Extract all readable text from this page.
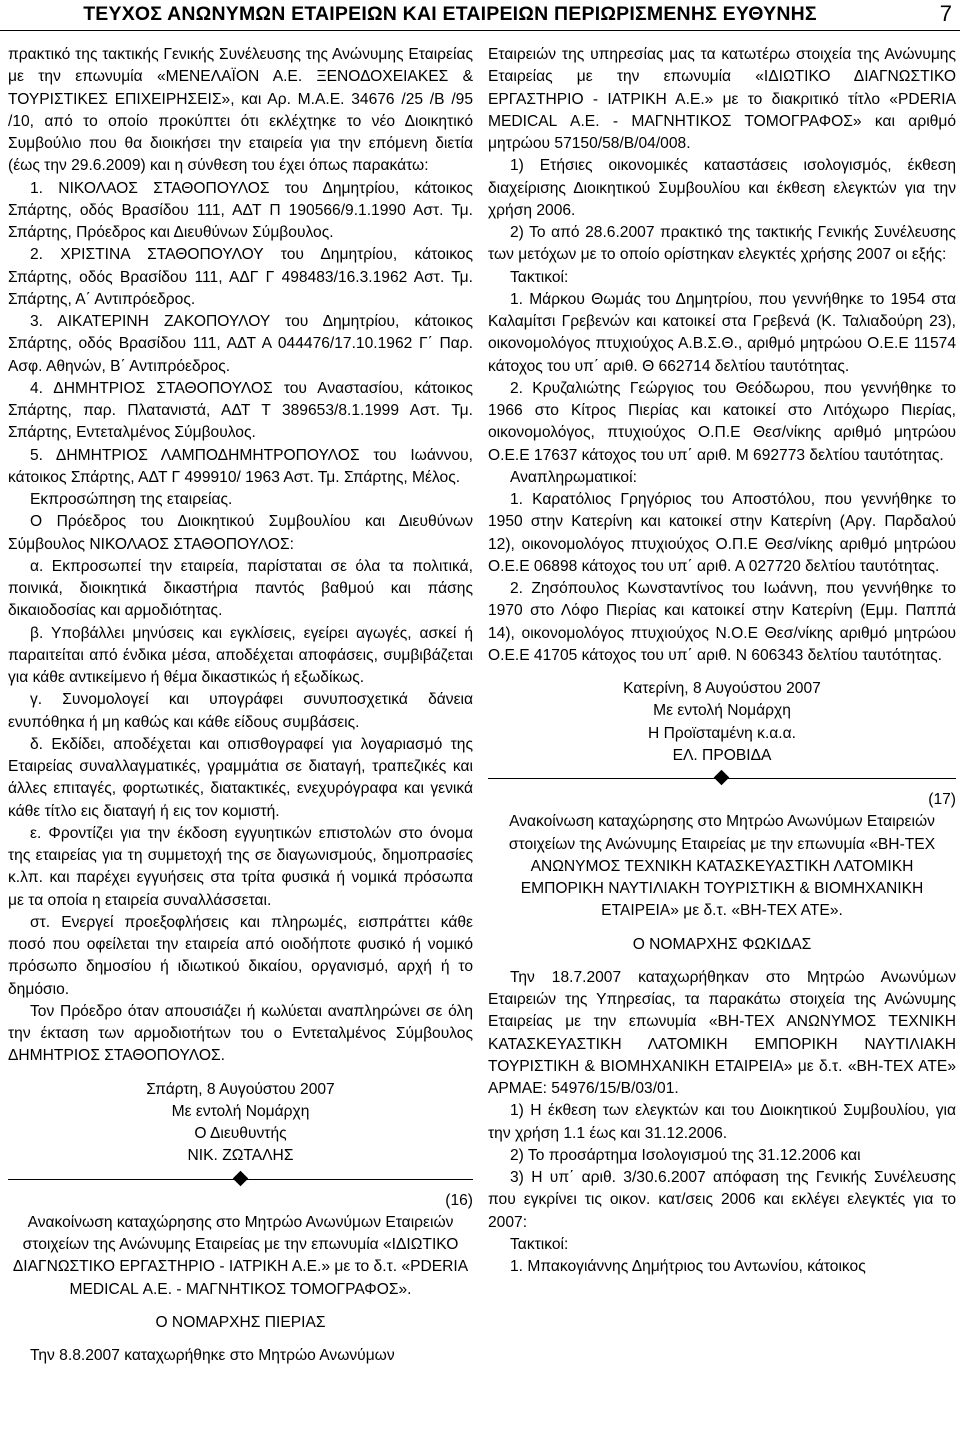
ΤΕΥΧΟΣ ΑΝΩΝΥΜΩΝ ΕΤΑΙΡΕΙΩΝ ΚΑΙ ΕΤΑΙΡΕΙΩΝ ΠΕΡΙΩΡΙΣΜΕΝΗΣ ΕΥΘΥΝΗΣ	7

πρακτικό της τακτικής Γενικής Συνέλευσης της Ανώνυμης Εταιρείας με την επωνυμία «ΜΕΝΕΛΑΪΟΝ Α.Ε. ΞΕΝΟΔΟΧΕΙΑΚΕΣ & ΤΟΥΡΙΣΤΙΚΕΣ ΕΠΙΧΕΙΡΗΣΕΙΣ», και Αρ. Μ.Α.Ε. 34676 /25 /Β /95 /10, από το οποίο προκύπτει ότι εκλέχτηκε το νέο Διοικητικό Συμβούλιο που θα διοικήσει την εταιρεία για την επόμενη διετία (έως την 29.6.2009) και η σύνθεση του έχει όπως παρακάτω:

1. ΝΙΚΟΛΑΟΣ ΣΤΑΘΟΠΟΥΛΟΣ του Δημητρίου, κάτοικος Σπάρτης, οδός Βρασίδου 111, ΑΔΤ Π 190566/9.1.1990 Αστ. Τμ. Σπάρτης, Πρόεδρος και Διευθύνων Σύμβουλος.

2. ΧΡΙΣΤΙΝΑ ΣΤΑΘΟΠΟΥΛΟΥ του Δημητρίου, κάτοικος Σπάρτης, οδός Βρασίδου 111, ΑΔΓ Γ 498483/16.3.1962 Αστ. Τμ. Σπάρτης, Α΄ Αντιπρόεδρος.

3. ΑΙΚΑΤΕΡΙΝΗ ΖΑΚΟΠΟΥΛΟΥ του Δημητρίου, κάτοικος Σπάρτης, οδός Βρασίδου 111, ΑΔΤ Α 044476/17.10.1962 Γ΄ Παρ. Ασφ. Αθηνών, Β΄ Αντιπρόεδρος.

4. ΔΗΜΗΤΡΙΟΣ ΣΤΑΘΟΠΟΥΛΟΣ του Αναστασίου, κάτοικος Σπάρτης, παρ. Πλατανιστά, ΑΔΤ Τ 389653/8.1.1999 Αστ. Τμ. Σπάρτης, Εντεταλμένος Σύμβουλος.

5. ΔΗΜΗΤΡΙΟΣ ΛΑΜΠΟΔΗΜΗΤΡΟΠΟΥΛΟΣ του Ιωάννου, κάτοικος Σπάρτης, ΑΔΤ Γ 499910/ 1963 Αστ. Τμ. Σπάρτης, Μέλος.

Εκπροσώπηση της εταιρείας.

Ο Πρόεδρος του Διοικητικού Συμβουλίου και Διευθύνων Σύμβουλος ΝΙΚΟΛΑΟΣ ΣΤΑΘΟΠΟΥΛΟΣ:

α. Εκπροσωπεί την εταιρεία, παρίσταται σε όλα τα πολιτικά, ποινικά, διοικητικά δικαστήρια παντός βαθμού και πάσης δικαιοδοσίας και αρμοδιότητας.

β. Υποβάλλει μηνύσεις και εγκλίσεις, εγείρει αγωγές, ασκεί ή παραιτείται από ένδικα μέσα, αποδέχεται αποφάσεις, συμβιβάζεται για κάθε αντικείμενο ή θέμα δικαστικώς ή εξωδίκως.

γ. Συνομολογεί και υπογράφει συνυποσχετικά δάνεια ενυπόθηκα ή μη καθώς και κάθε είδους συμβάσεις.

δ. Εκδίδει, αποδέχεται και οπισθογραφεί για λογαριασμό της Εταιρείας συναλλαγματικές, γραμμάτια σε διαταγή, τραπεζικές και άλλες επιταγές, φορτωτικές, διατακτικές, ενεχυρόγραφα και γενικά κάθε τίτλο εις διαταγή ή εις τον κομιστή.

ε. Φροντίζει για την έκδοση εγγυητικών επιστολών στο όνομα της εταιρείας για τη συμμετοχή της σε διαγωνισμούς, δημοπρασίες κ.λπ. και παρέχει εγγυήσεις στα τρίτα φυσικά ή νομικά πρόσωπα με τα οποία η εταιρεία συναλλάσσεται.

στ. Ενεργεί προεξοφλήσεις και πληρωμές, εισπράττει κάθε ποσό που οφείλεται την εταιρεία από οιοδήποτε φυσικό ή νομικό πρόσωπο δημοσίου ή ιδιωτικού δικαίου, οργανισμό, αρχή ή το δημόσιο.

Τον Πρόεδρο όταν απουσιάζει ή κωλύεται αναπληρώνει σε όλη την έκταση των αρμοδιοτήτων του ο Εντεταλμένος Σύμβουλος ΔΗΜΗΤΡΙΟΣ ΣΤΑΘΟΠΟΥΛΟΣ.

Σπάρτη, 8 Αυγούστου 2007

Με εντολή Νομάρχη

Ο Διευθυντής

ΝΙΚ. ΖΩΤΑΛΗΣ

(16)

Ανακοίνωση καταχώρησης στο Μητρώο Ανωνύμων Εταιρειών στοιχείων της Ανώνυμης Εταιρείας με την επωνυμία «ΙΔΙΩΤΙΚΟ ΔΙΑΓΝΩΣΤΙΚΟ ΕΡΓΑΣΤΗΡΙΟ - ΙΑΤΡΙΚΗ Α.Ε.» με το δ.τ. «PDERIA MEDICAL Α.Ε. - ΜΑΓΝΗΤΙΚΟΣ ΤΟΜΟΓΡΑΦΟΣ».

Ο ΝΟΜΑΡΧΗΣ ΠΙΕΡΙΑΣ

Την 8.8.2007 καταχωρήθηκε στο Μητρώο Ανωνύμων

Εταιρειών της υπηρεσίας μας τα κατωτέρω στοιχεία της Ανώνυμης Εταιρείας με την επωνυμία «ΙΔΙΩΤΙΚΟ ΔΙΑΓΝΩΣΤΙΚΟ ΕΡΓΑΣΤΗΡΙΟ - ΙΑΤΡΙΚΗ Α.Ε.» με το διακριτικό τίτλο «PDERIA MEDICAL Α.Ε. - ΜΑΓΝΗΤΙΚΟΣ ΤΟΜΟΓΡΑΦΟΣ» και αριθμό μητρώου 57150/58/Β/04/008.

1) Ετήσιες οικονομικές καταστάσεις ισολογισμός, έκθεση διαχείρισης Διοικητικού Συμβουλίου και έκθεση ελεγκτών για την χρήση 2006.

2) Το από 28.6.2007 πρακτικό της τακτικής Γενικής Συνέλευσης των μετόχων με το οποίο ορίστηκαν ελεγκτές χρήσης 2007 οι εξής:

Τακτικοί:

1. Μάρκου Θωμάς του Δημητρίου, που γεννήθηκε το 1954 στα Καλαμίτσι Γρεβενών και κατοικεί στα Γρεβενά (Κ. Ταλιαδούρη 23), οικονομολόγος πτυχιούχος Α.Β.Σ.Θ., αριθμό μητρώου Ο.Ε.Ε 11574 κάτοχος του υπ΄ αριθ. Θ 662714 δελτίου ταυτότητας.

2. Κρυζαλιώτης Γεώργιος του Θεόδωρου, που γεννήθηκε το 1966 στο Κίτρος Πιερίας και κατοικεί στο Λιτόχωρο Πιερίας, οικονομολόγος, πτυχιούχος Ο.Π.Ε Θεσ/νίκης αριθμό μητρώου Ο.Ε.Ε 17637 κάτοχος του υπ΄ αριθ. Μ 692773 δελτίου ταυτότητας.

Αναπληρωματικοί:

1. Καρατόλιος Γρηγόριος του Αποστόλου, που γεννήθηκε το 1950 στην Κατερίνη και κατοικεί στην Κατερίνη (Αργ. Παρδαλού 12), οικονομολόγος πτυχιούχος Ο.Π.Ε Θεσ/νίκης αριθμό μητρώου Ο.Ε.Ε 06898 κάτοχος του υπ΄ αριθ. Α 027720 δελτίου ταυτότητας.

2. Ζησόπουλος Κωνσταντίνος του Ιωάννη, που γεννήθηκε το 1970 στο Λόφο Πιερίας και κατοικεί στην Κατερίνη (Εμμ. Παππά 14), οικονομολόγος πτυχιούχος Ν.Ο.Ε Θεσ/νίκης αριθμό μητρώου Ο.Ε.Ε 41705 κάτοχος του υπ΄ αριθ. Ν 606343 δελτίου ταυτότητας.

Κατερίνη, 8 Αυγούστου 2007

Με εντολή Νομάρχη

Η Προϊσταμένη κ.α.α.

ΕΛ. ΠΡΟΒΙΔΑ

(17)

Ανακοίνωση καταχώρησης στο Μητρώο Ανωνύμων Εταιρειών στοιχείων της Ανώνυμης Εταιρείας με την επωνυμία «ΒΗ-ΤΕΧ ΑΝΩΝΥΜΟΣ ΤΕΧΝΙΚΗ ΚΑΤΑΣΚΕΥΑΣΤΙΚΗ ΛΑΤΟΜΙΚΗ ΕΜΠΟΡΙΚΗ ΝΑΥΤΙΛΙΑΚΗ ΤΟΥΡΙΣΤΙΚΗ & ΒΙΟΜΗΧΑΝΙΚΗ ΕΤΑΙΡΕΙΑ» με δ.τ. «ΒΗ-ΤΕΧ ΑΤΕ».

Ο ΝΟΜΑΡΧΗΣ ΦΩΚΙΔΑΣ

Την 18.7.2007 καταχωρήθηκαν στο Μητρώο Ανωνύμων Εταιρειών της Υπηρεσίας, τα παρακάτω στοιχεία της Ανώνυμης Εταιρείας με την επωνυμία «ΒΗ-ΤΕΧ ΑΝΩΝΥΜΟΣ ΤΕΧΝΙΚΗ ΚΑΤΑΣΚΕΥΑΣΤΙΚΗ ΛΑΤΟΜΙΚΗ ΕΜΠΟΡΙΚΗ ΝΑΥΤΙΛΙΑΚΗ ΤΟΥΡΙΣΤΙΚΗ & ΒΙΟΜΗΧΑΝΙΚΗ ΕΤΑΙΡΕΙΑ» με δ.τ. «ΒΗ-ΤΕΧ ΑΤΕ» ΑΡΜΑΕ: 54976/15/Β/03/01.

1) Η έκθεση των ελεγκτών και του Διοικητικού Συμβουλίου, για την χρήση 1.1 έως και 31.12.2006.

2) Το προσάρτημα Ισολογισμού της 31.12.2006 και

3) Η υπ΄ αριθ. 3/30.6.2007 απόφαση της Γενικής Συνέλευσης που εγκρίνει τις οικον. κατ/σεις 2006 και εκλέγει ελεγκτές για το 2007:

Τακτικοί:

1. Μπακογιάννης Δημήτριος του Αντωνίου, κάτοικος
